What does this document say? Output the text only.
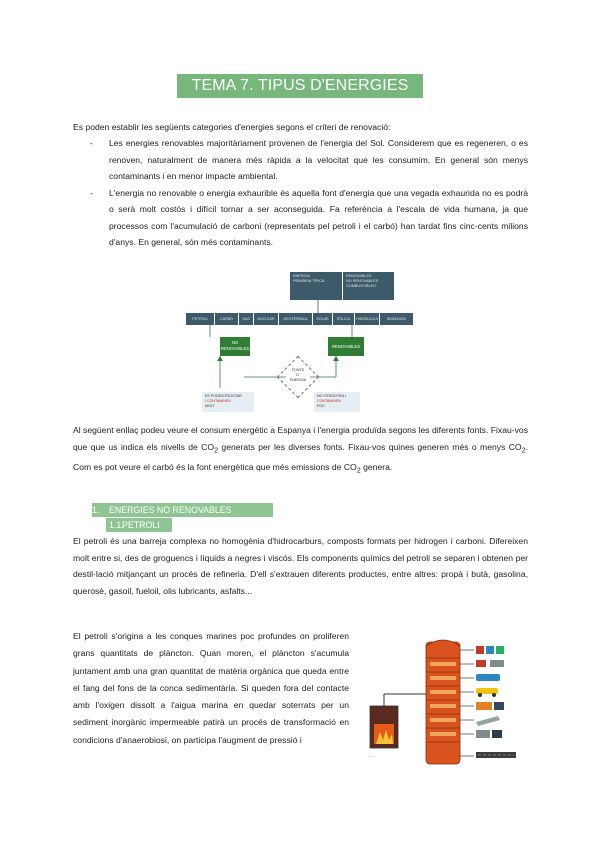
TEMA 7. TIPUS D'ENERGIES
Es poden establir les següents categories d'energies segons el criteri de renovació:
- Les energies renovables majoritàriament provenen de l'energia del Sol. Considerem que es regeneren, o es renoven, naturalment de manera més ràpida a la velocitat que les consumim. En general són menys contaminants i en menor impacte ambiental.
- L'energia no renovable o energia exhaurible és aquella font d'energia que una vegada exhaurida no es podrà o serà molt costós i difícil tornar a ser aconseguida. Fa referència a l'escala de vida humana, ja que processos com l'acumulació de carboni (representats pel petroli i el carbó) han tardat fins cinc-cents milions d'anys. En general, són més contaminants.
ENERGIA
PRIMÀRIA TÍPICA
RENOVABLES
NO RENOVABLES
COMBUSTIBLES
PETROLI	CARBÓ	GAS	NUCLEAR	GEOTÈRMICA	SOLAR	EÒLICA	HIDRÀULICA	BIOMASSA
NO
RENOVABLES	RENOVABLES
FONTS
D'
ENERGIA
ES PODEN ESGOTAR
I CONTAMINEN
MOLT
NO S'ESGOTEN I
CONTAMINEN
POC
Al següent enllaç podeu veure el consum energètic a Espanya i l'energia produïda segons les diferents fonts. Fixau-vos que que us indica els nivells de $CO_2$ generats per les diverses fonts. Fixau-vos quines generen més o menys $CO_2$. Com es pot veure el carbó és la font energètica que més emissions de $CO_2$ genera.
1. ENERGIES NO RENOVABLES
1.1.PETROLI
El petroli és una barreja complexa no homogènia d'hidrocarburs, composts formats per hidrogen i carboni. Difereixen molt entre si, des de groguencs i líquids a negres i viscós. Els components químics del petroli se separen i obtenen per destil·lació mitjançant un procés de refineria. D'ell s'extrauen diferents productes, entre altres: propà i butà, gasolina, querosè, gasoil, fueloil, olis lubricants, asfalts...
El petroli s'origina a les conques marines poc profundes on proliferen grans quantitats de plàncton. Quan moren, el plàncton s'acumula juntament amb una gran quantitat de matèria orgànica que queda entre el fang del fons de la conca sedimentària. Si queden fora del contacte amb l'oxigen dissolt a l'aigua marina en quedar soterrats per un sediment inorgànic impermeable patirà un procés de transformació en condicions d'anaerobiosi, on participa l'augment de pressió i
·····
